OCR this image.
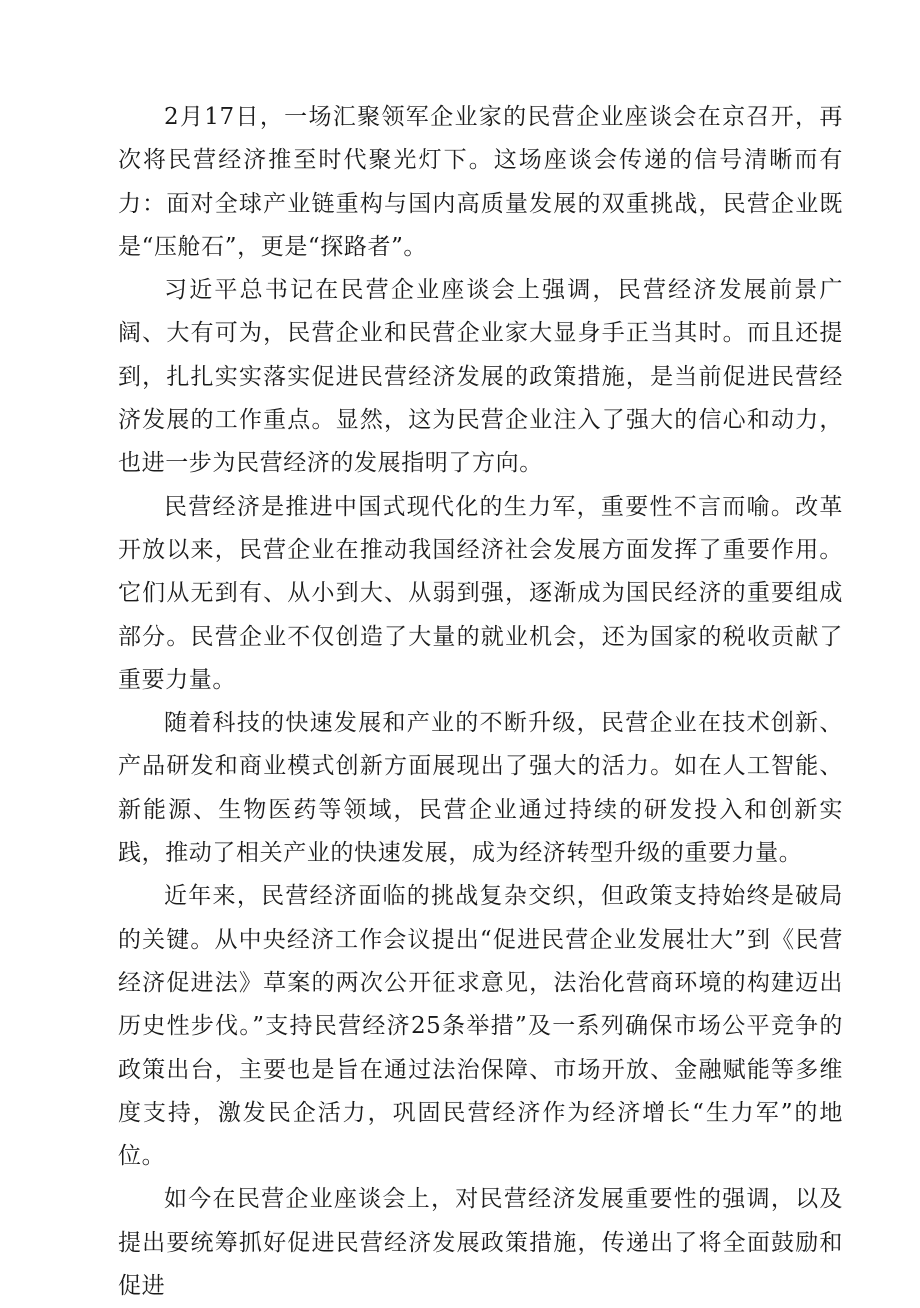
2月17日，一场汇聚领军企业家的民营企业座谈会在京召开，再次将民营经济推至时代聚光灯下。这场座谈会传递的信号清晰而有力：面对全球产业链重构与国内高质量发展的双重挑战，民营企业既是“压舱石”，更是“探路者”。

习近平总书记在民营企业座谈会上强调，民营经济发展前景广阔、大有可为，民营企业和民营企业家大显身手正当其时。而且还提到，扎扎实实落实促进民营经济发展的政策措施，是当前促进民营经济发展的工作重点。显然，这为民营企业注入了强大的信心和动力，也进一步为民营经济的发展指明了方向。

民营经济是推进中国式现代化的生力军，重要性不言而喻。改革开放以来，民营企业在推动我国经济社会发展方面发挥了重要作用。它们从无到有、从小到大、从弱到强，逐渐成为国民经济的重要组成部分。民营企业不仅创造了大量的就业机会，还为国家的税收贡献了重要力量。

随着科技的快速发展和产业的不断升级，民营企业在技术创新、产品研发和商业模式创新方面展现出了强大的活力。如在人工智能、新能源、生物医药等领域，民营企业通过持续的研发投入和创新实践，推动了相关产业的快速发展，成为经济转型升级的重要力量。

近年来，民营经济面临的挑战复杂交织，但政策支持始终是破局的关键。从中央经济工作会议提出“促进民营企业发展壮大”到《民营经济促进法》草案的两次公开征求意见，法治化营商环境的构建迈出历史性步伐。”支持民营经济25条举措”及一系列确保市场公平竞争的政策出台，主要也是旨在通过法治保障、市场开放、金融赋能等多维度支持，激发民企活力，巩固民营经济作为经济增长“生力军”的地位。

如今在民营企业座谈会上，对民营经济发展重要性的强调，以及提出要统筹抓好促进民营经济发展政策措施，传递出了将全面鼓励和促进
